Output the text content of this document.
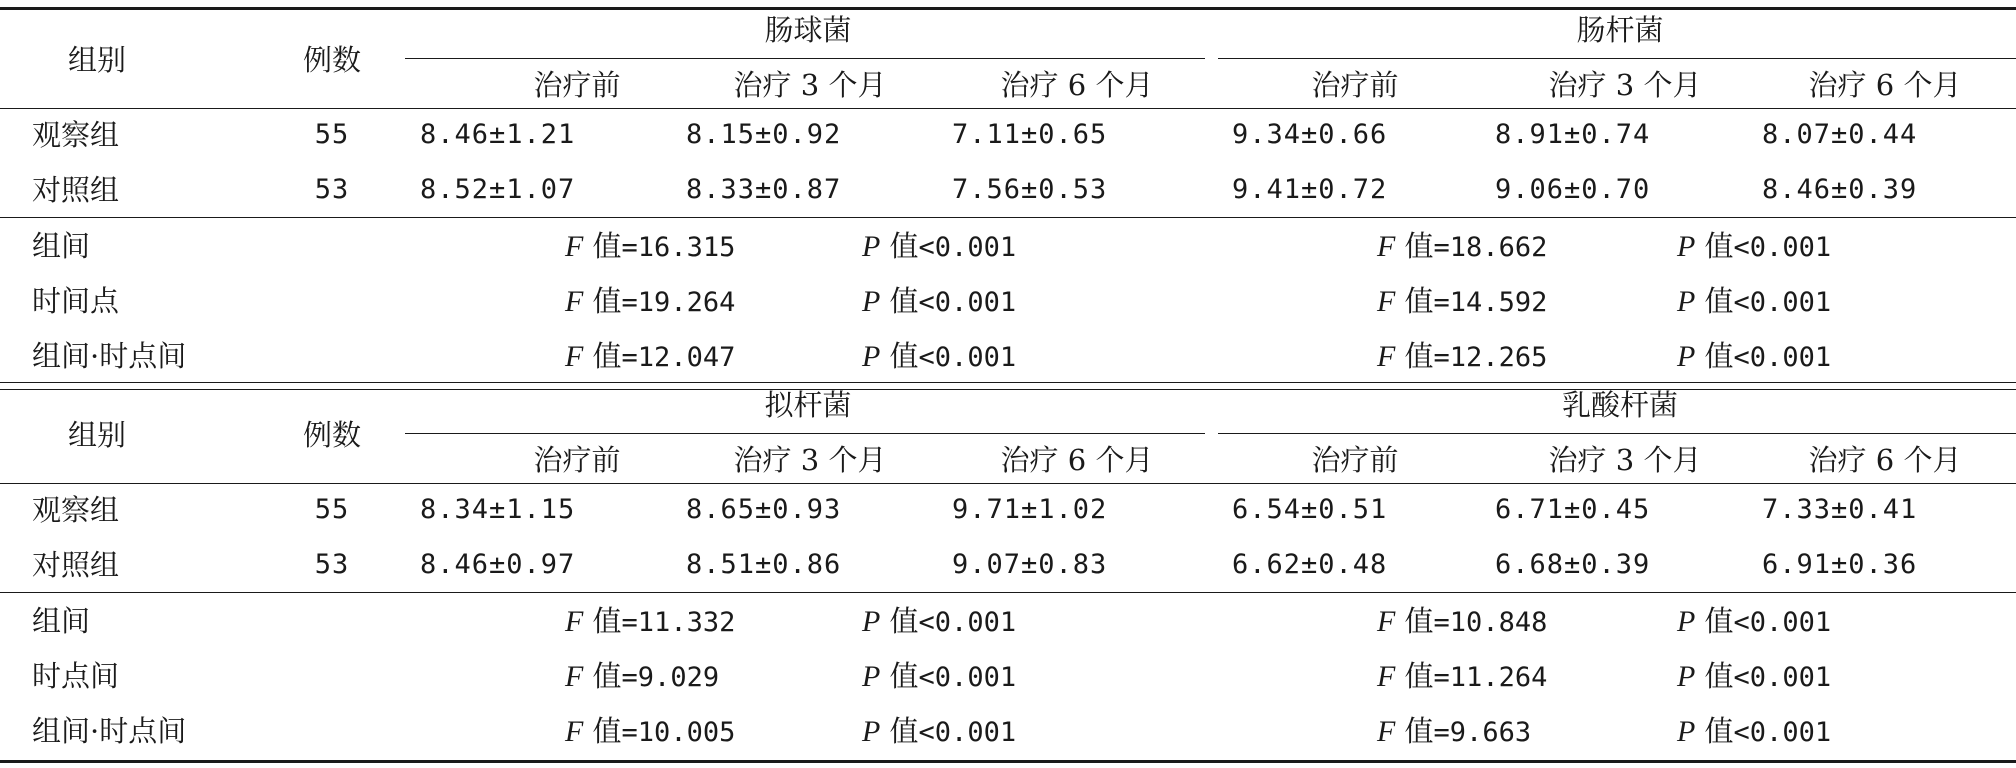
组别	例数
肠球菌	肠杆菌
治疗前	治疗 3 个月	治疗 6 个月	治疗前	治疗 3 个月	治疗 6 个月
观察组	55	8.46±1.21	8.15±0.92	7.11±0.65	9.34±0.66	8.91±0.74	8.07±0.44
对照组	53	8.52±1.07	8.33±0.87	7.56±0.53	9.41±0.72	9.06±0.70	8.46±0.39
组间	F 值=16.315	P 值<0.001	F 值=18.662	P 值<0.001
时间点	F 值=19.264	P 值<0.001	F 值=14.592	P 值<0.001
组间·时点间	F 值=12.047	P 值<0.001	F 值=12.265	P 值<0.001
组别	例数
拟杆菌	乳酸杆菌
治疗前	治疗 3 个月	治疗 6 个月	治疗前	治疗 3 个月	治疗 6 个月
观察组	55	8.34±1.15	8.65±0.93	9.71±1.02	6.54±0.51	6.71±0.45	7.33±0.41
对照组	53	8.46±0.97	8.51±0.86	9.07±0.83	6.62±0.48	6.68±0.39	6.91±0.36
组间	F 值=11.332	P 值<0.001	F 值=10.848	P 值<0.001
时点间	F 值=9.029	P 值<0.001	F 值=11.264	P 值<0.001
组间·时点间	F 值=10.005	P 值<0.001	F 值=9.663	P 值<0.001
